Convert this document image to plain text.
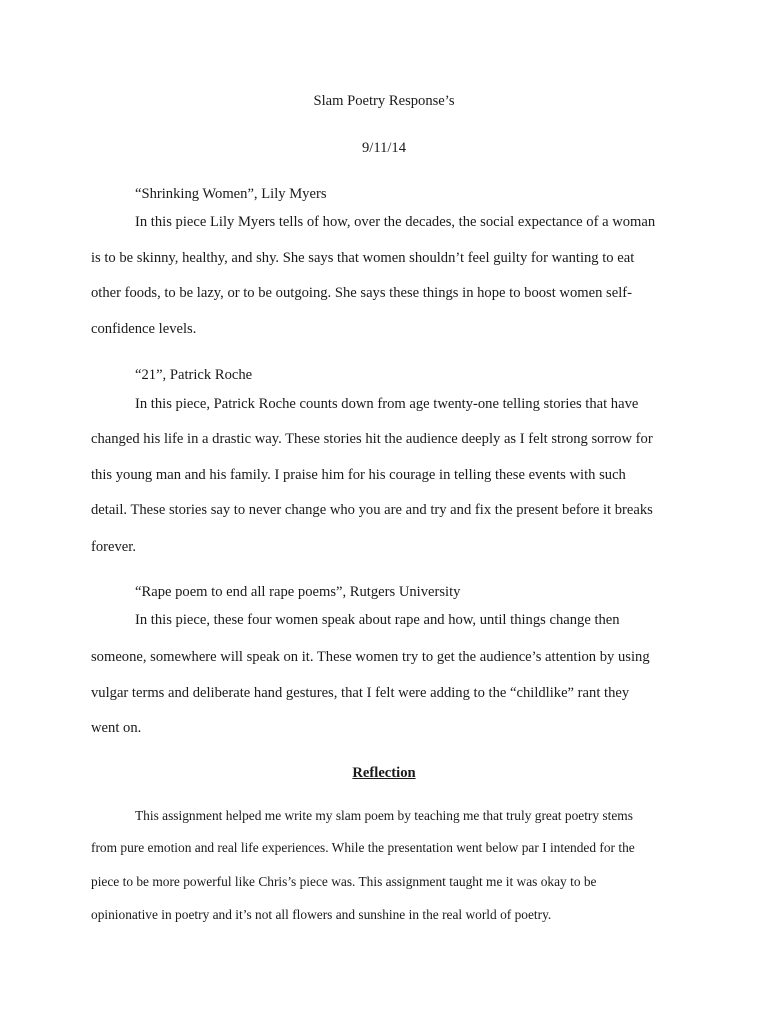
Slam Poetry Response’s
9/11/14
“Shrinking Women”, Lily Myers
In this piece Lily Myers tells of how, over the decades, the social expectance of a woman
is to be skinny, healthy, and shy. She says that women shouldn’t feel guilty for wanting to eat
other foods, to be lazy, or to be outgoing. She says these things in hope to boost women self-
confidence levels.
“21”, Patrick Roche
In this piece, Patrick Roche counts down from age twenty-one telling stories that have
changed his life in a drastic way. These stories hit the audience deeply as I felt strong sorrow for
this young man and his family. I praise him for his courage in telling these events with such
detail. These stories say to never change who you are and try and fix the present before it breaks
forever.
“Rape poem to end all rape poems”, Rutgers University
In this piece, these four women speak about rape and how, until things change then
someone, somewhere will speak on it. These women try to get the audience’s attention by using
vulgar terms and deliberate hand gestures, that I felt were adding to the “childlike” rant they
went on.
Reflection
This assignment helped me write my slam poem by teaching me that truly great poetry stems
from pure emotion and real life experiences. While the presentation went below par I intended for the
piece to be more powerful like Chris’s piece was. This assignment taught me it was okay to be
opinionative in poetry and it’s not all flowers and sunshine in the real world of poetry.
